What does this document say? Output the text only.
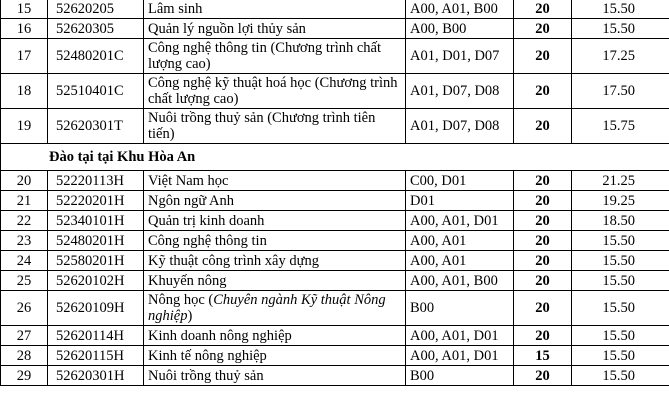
15	52620205	Lâm sinh	A00, A01, B00	20	15.50
16	52620305	Quản lý nguồn lợi thủy sản	A00, B00	20	15.50
17	52480201C	Công nghệ thông tin (Chương trình chất lượng cao)	A01, D01, D07	20	17.25
18	52510401C	Công nghệ kỹ thuật hoá học (Chương trình chất lượng cao)	A01, D07, D08	20	17.50
19	52620301T	Nuôi trồng thuỷ sản (Chương trình tiên tiến)	A01, D07, D08	20	15.75
Đào tại tại Khu Hòa An					
20	52220113H	Việt Nam học	C00, D01	20	21.25
21	52220201H	Ngôn ngữ Anh	D01	20	19.25
22	52340101H	Quản trị kinh doanh	A00, A01, D01	20	18.50
23	52480201H	Công nghệ thông tin	A00, A01	20	15.50
24	52580201H	Kỹ thuật công trình xây dựng	A00, A01	20	15.50
25	52620102H	Khuyến nông	A00, A01, B00	20	15.50
26	52620109H	Nông học (Chuyên ngành Kỹ thuật Nông nghiệp)	B00	20	15.50
27	52620114H	Kinh doanh nông nghiệp	A00, A01, D01	20	15.50
28	52620115H	Kinh tế nông nghiệp	A00, A01, D01	15	15.50
29	52620301H	Nuôi trồng thuỷ sản	B00	20	15.50
